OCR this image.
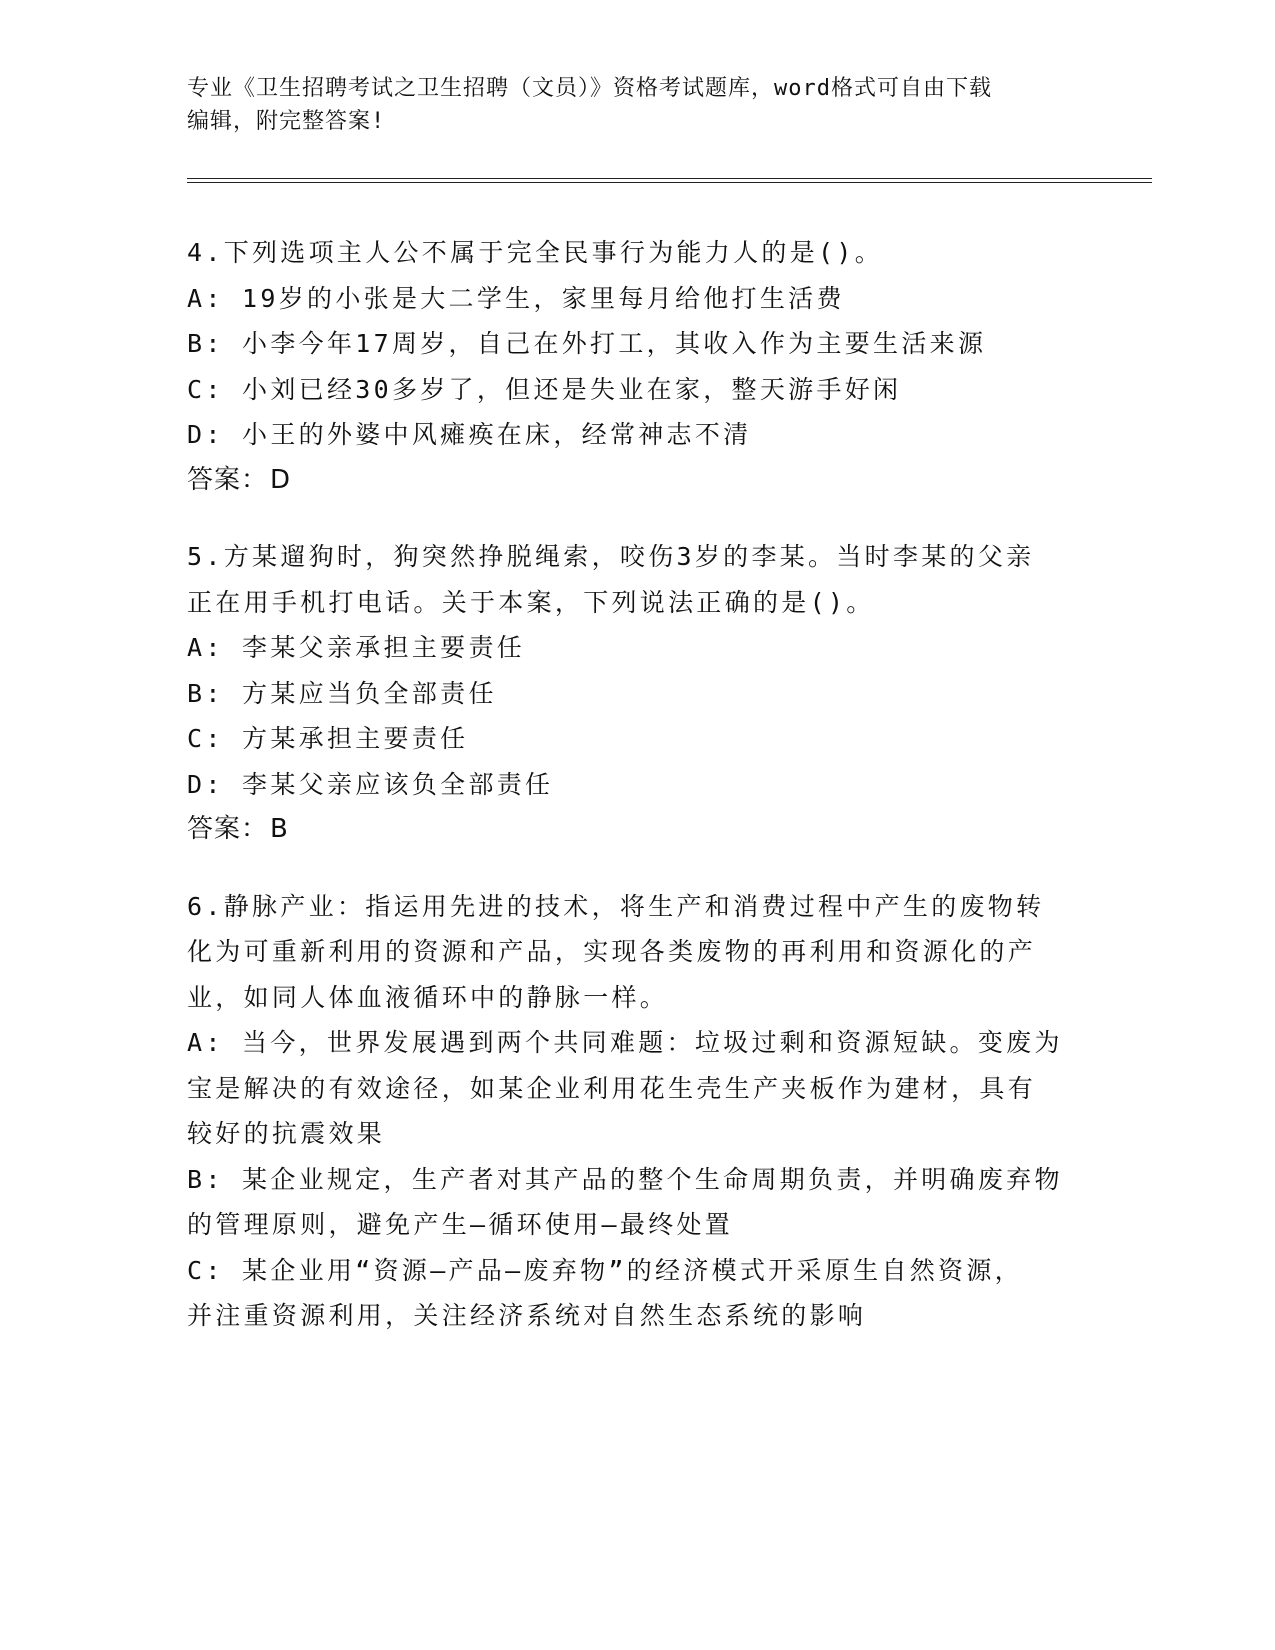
专业《卫生招聘考试之卫生招聘（文员）》资格考试题库，word格式可自由下载
编辑，附完整答案!
4.下列选项主人公不属于完全民事行为能力人的是()。
A: 19岁的小张是大二学生，家里每月给他打生活费
B: 小李今年17周岁，自己在外打工，其收入作为主要生活来源
C: 小刘已经30多岁了，但还是失业在家，整天游手好闲
D: 小王的外婆中风瘫痪在床，经常神志不清
答案：D
5.方某遛狗时，狗突然挣脱绳索，咬伤3岁的李某。当时李某的父亲
正在用手机打电话。关于本案，下列说法正确的是()。
A: 李某父亲承担主要责任
B: 方某应当负全部责任
C: 方某承担主要责任
D: 李某父亲应该负全部责任
答案：B
6.静脉产业：指运用先进的技术，将生产和消费过程中产生的废物转
化为可重新利用的资源和产品，实现各类废物的再利用和资源化的产
业，如同人体血液循环中的静脉一样。
A: 当今，世界发展遇到两个共同难题：垃圾过剩和资源短缺。变废为
宝是解决的有效途径，如某企业利用花生壳生产夹板作为建材，具有
较好的抗震效果
B: 某企业规定，生产者对其产品的整个生命周期负责，并明确废弃物
的管理原则，避免产生—循环使用—最终处置
C: 某企业用“资源—产品—废弃物”的经济模式开采原生自然资源，
并注重资源利用，关注经济系统对自然生态系统的影响
